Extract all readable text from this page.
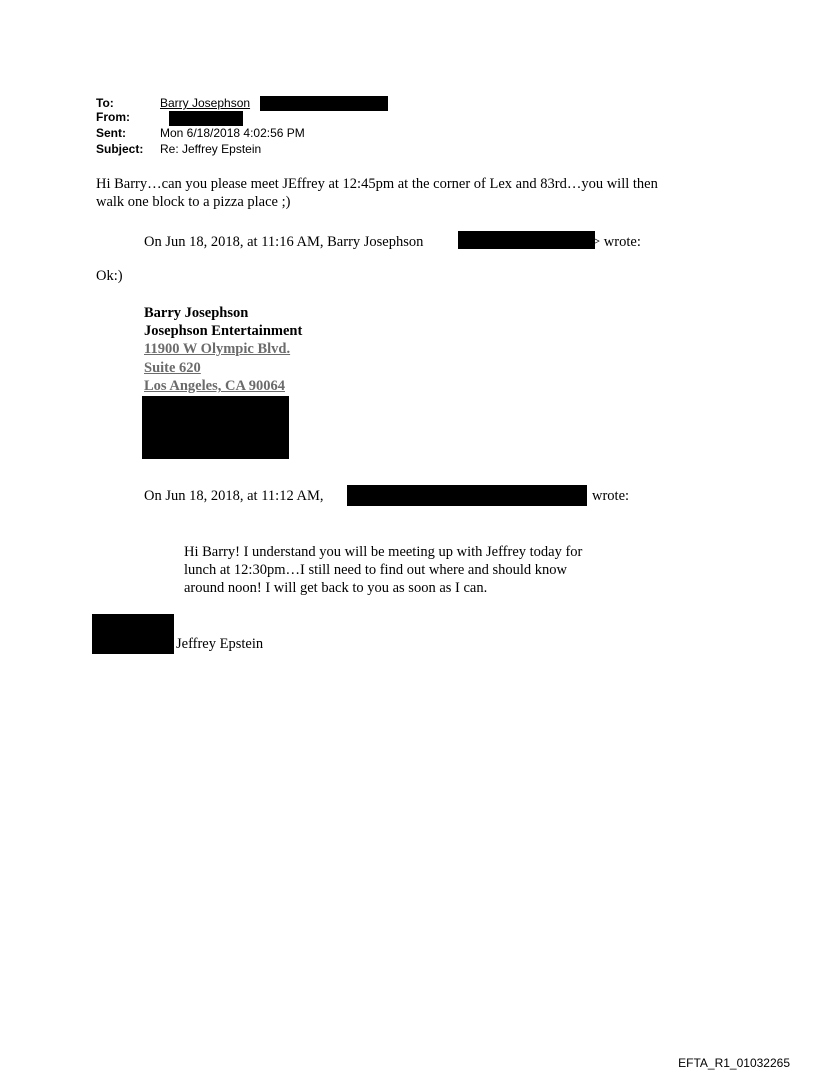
To:	Barry Josephson
From:
Sent:	Mon 6/18/2018 4:02:56 PM
Subject: Re: Jeffrey Epstein
Hi Barry…can you please meet JEffrey at 12:45pm at the corner of Lex and 83rd…you will then
walk one block to a pizza place ;)
On Jun 18, 2018, at 11:16 AM, Barry Josephson	> wrote:
Ok:)
Barry Josephson
Josephson Entertainment
11900 W Olympic Blvd.
Suite 620
Los Angeles, CA 90064
On Jun 18, 2018, at 11:12 AM,	wrote:
Hi Barry! I understand you will be meeting up with Jeffrey today for
lunch at 12:30pm…I still need to find out where and should know
around noon! I will get back to you as soon as I can.
Jeffrey Epstein
EFTA_R1_01032265
